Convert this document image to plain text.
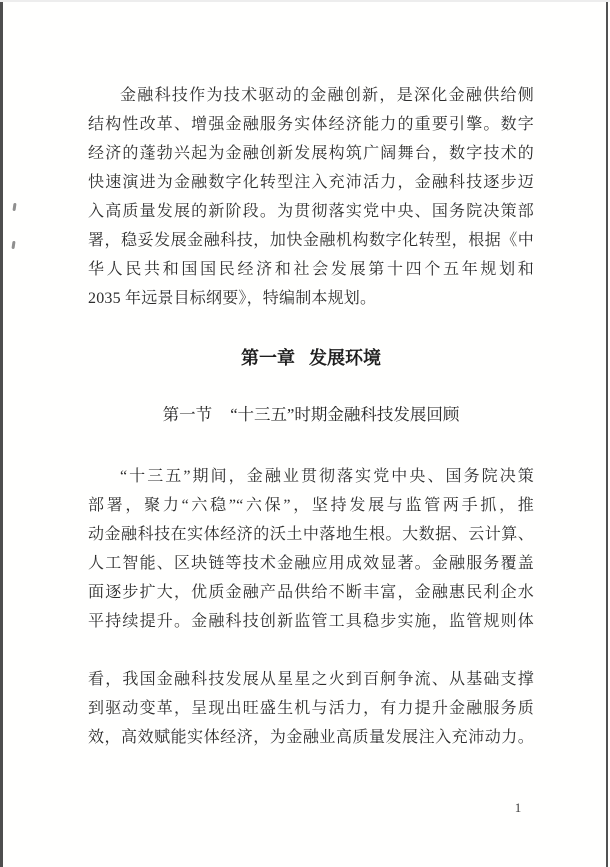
金融科技作为技术驱动的金融创新，是深化金融供给侧
结构性改革、增强金融服务实体经济能力的重要引擎。数字
经济的蓬勃兴起为金融创新发展构筑广阔舞台，数字技术的
快速演进为金融数字化转型注入充沛活力，金融科技逐步迈
入高质量发展的新阶段。为贯彻落实党中央、国务院决策部
署，稳妥发展金融科技，加快金融机构数字化转型，根据《中
华人民共和国国民经济和社会发展第十四个五年规划和
2035 年远景目标纲要》，特编制本规划。
第一章 发展环境
第一节 “十三五”时期金融科技发展回顾
“十三五”期间，金融业贯彻落实党中央、国务院决策
部署，聚力“六稳”“六保”，坚持发展与监管两手抓，推
动金融科技在实体经济的沃土中落地生根。大数据、云计算、
人工智能、区块链等技术金融应用成效显著。金融服务覆盖
面逐步扩大，优质金融产品供给不断丰富，金融惠民利企水
平持续提升。金融科技创新监管工具稳步实施，监管规则体
看，我国金融科技发展从星星之火到百舸争流、从基础支撑
到驱动变革，呈现出旺盛生机与活力，有力提升金融服务质
效，高效赋能实体经济，为金融业高质量发展注入充沛动力。
1
